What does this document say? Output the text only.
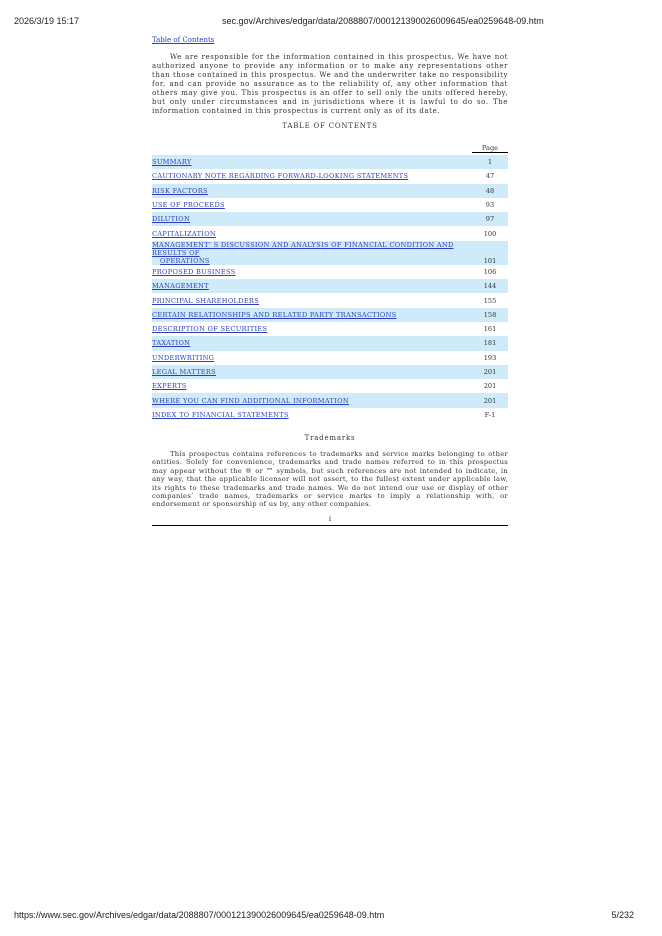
2026/3/19 15:17	sec.gov/Archives/edgar/data/2088807/000121390026009645/ea0259648-09.htm
Table of Contents
We are responsible for the information contained in this prospectus. We have not authorized anyone to provide any information or to make any representations other than those contained in this prospectus. We and the underwriter take no responsibility for, and can provide no assurance as to the reliability of, any other information that others may give you. This prospectus is an offer to sell only the units offered hereby, but only under circumstances and in jurisdictions where it is lawful to do so. The information contained in this prospectus is current only as of its date.
TABLE OF CONTENTS
	Page

SUMMARY	1
CAUTIONARY NOTE REGARDING FORWARD-LOOKING STATEMENTS	47
RISK FACTORS	48
USE OF PROCEEDS	93
DILUTION	97
CAPITALIZATION	100

MANAGEMENT’ S DISCUSSION AND ANALYSIS OF FINANCIAL CONDITION AND RESULTS OF
OPERATIONS	101
PROPOSED BUSINESS	106
MANAGEMENT	144
PRINCIPAL SHAREHOLDERS	155
CERTAIN RELATIONSHIPS AND RELATED PARTY TRANSACTIONS	158
DESCRIPTION OF SECURITIES	161
TAXATION	181
UNDERWRITING	193
LEGAL MATTERS	201
EXPERTS	201
WHERE YOU CAN FIND ADDITIONAL INFORMATION	201
INDEX TO FINANCIAL STATEMENTS	F-1
Trademarks
This prospectus contains references to trademarks and service marks belonging to other entities. Solely for convenience, trademarks and trade names referred to in this prospectus may appear without the ® or ™ symbols, but such references are not intended to indicate, in any way, that the applicable licensor will not assert, to the fullest extent under applicable law, its rights to these trademarks and trade names. We do not intend our use or display of other companies’ trade names, trademarks or service marks to imply a relationship with, or endorsement or sponsorship of us by, any other companies.
i
https://www.sec.gov/Archives/edgar/data/2088807/000121390026009645/ea0259648-09.htm	5/232
